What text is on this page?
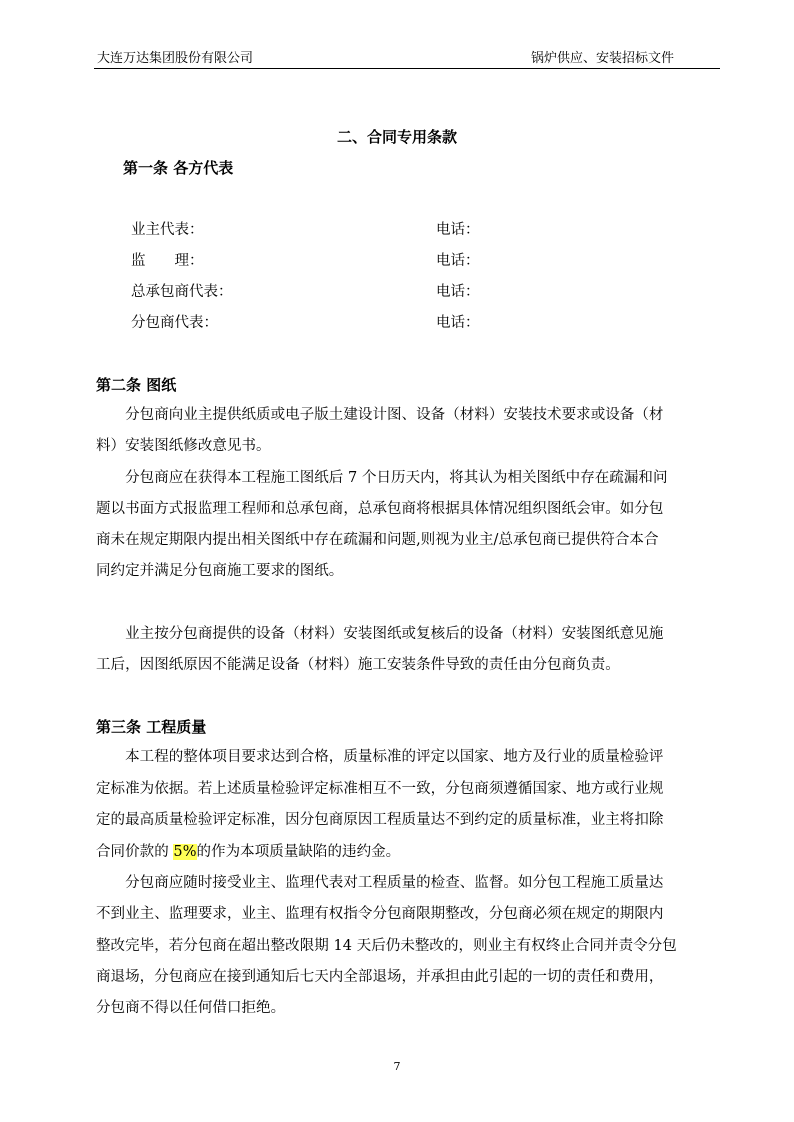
大连万达集团股份有限公司	锅炉供应、安装招标文件
二、合同专用条款
第一条 各方代表
业主代表：	电话：
监　　理：	电话：
总承包商代表：	电话：
分包商代表：	电话：
第二条 图纸
　　分包商向业主提供纸质或电子版土建设计图、设备（材料）安装技术要求或设备（材
料）安装图纸修改意见书。
　　分包商应在获得本工程施工图纸后 7 个日历天内，将其认为相关图纸中存在疏漏和问
题以书面方式报监理工程师和总承包商，总承包商将根据具体情况组织图纸会审。如分包
商未在规定期限内提出相关图纸中存在疏漏和问题,则视为业主/总承包商已提供符合本合
同约定并满足分包商施工要求的图纸。
　　业主按分包商提供的设备（材料）安装图纸或复核后的设备（材料）安装图纸意见施
工后，因图纸原因不能满足设备（材料）施工安装条件导致的责任由分包商负责。
第三条 工程质量
　　本工程的整体项目要求达到合格，质量标准的评定以国家、地方及行业的质量检验评
定标准为依据。若上述质量检验评定标准相互不一致，分包商须遵循国家、地方或行业规
定的最高质量检验评定标准，因分包商原因工程质量达不到约定的质量标准，业主将扣除
合同价款的 5%的作为本项质量缺陷的违约金。
　　分包商应随时接受业主、监理代表对工程质量的检查、监督。如分包工程施工质量达
不到业主、监理要求，业主、监理有权指令分包商限期整改，分包商必须在规定的期限内
整改完毕，若分包商在超出整改限期 14 天后仍未整改的，则业主有权终止合同并责令分包
商退场，分包商应在接到通知后七天内全部退场，并承担由此引起的一切的责任和费用，
分包商不得以任何借口拒绝。
7
